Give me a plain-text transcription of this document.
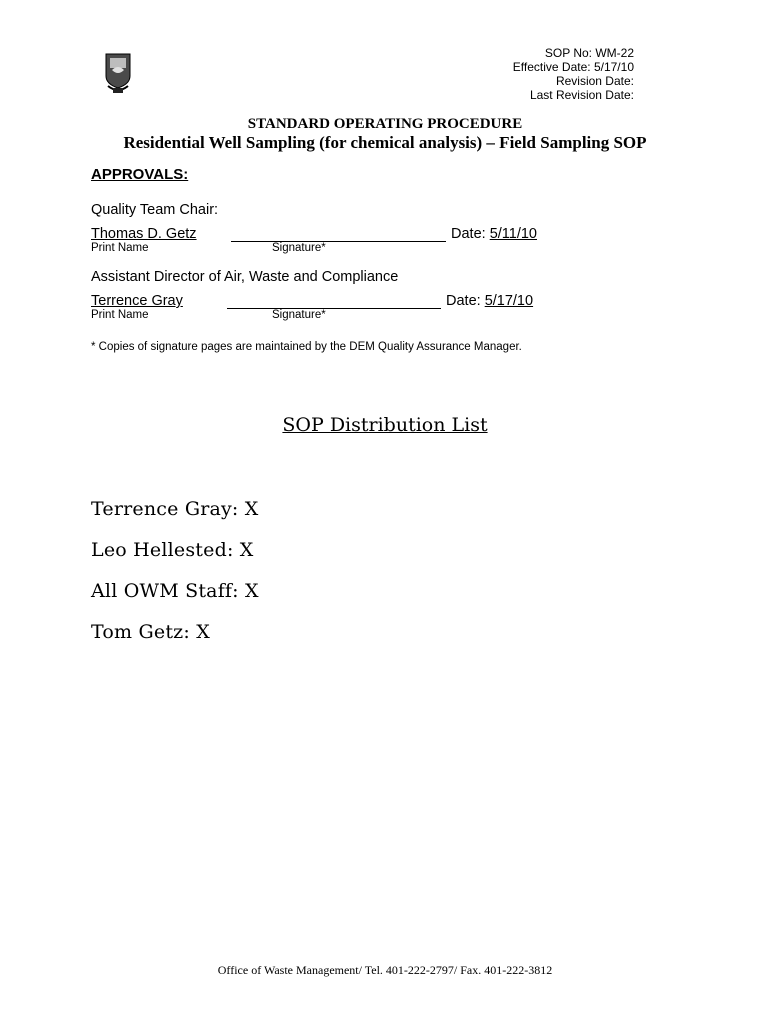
SOP No: WM-22
Effective Date: 5/17/10
Revision Date:
Last Revision Date:
STANDARD OPERATING PROCEDURE
Residential Well Sampling (for chemical analysis) – Field Sampling SOP
APPROVALS:
Quality Team Chair:
Thomas D. Getz	Date: 5/11/10
Print Name	Signature*
Assistant Director of Air, Waste and Compliance
Terrence Gray	Date: 5/17/10
Print Name	Signature*
* Copies of signature pages are maintained by the DEM Quality Assurance Manager.
SOP Distribution List
Terrence Gray: X
Leo Hellested: X
All OWM Staff: X
Tom Getz: X
Office of Waste Management/ Tel. 401-222-2797/ Fax. 401-222-3812
